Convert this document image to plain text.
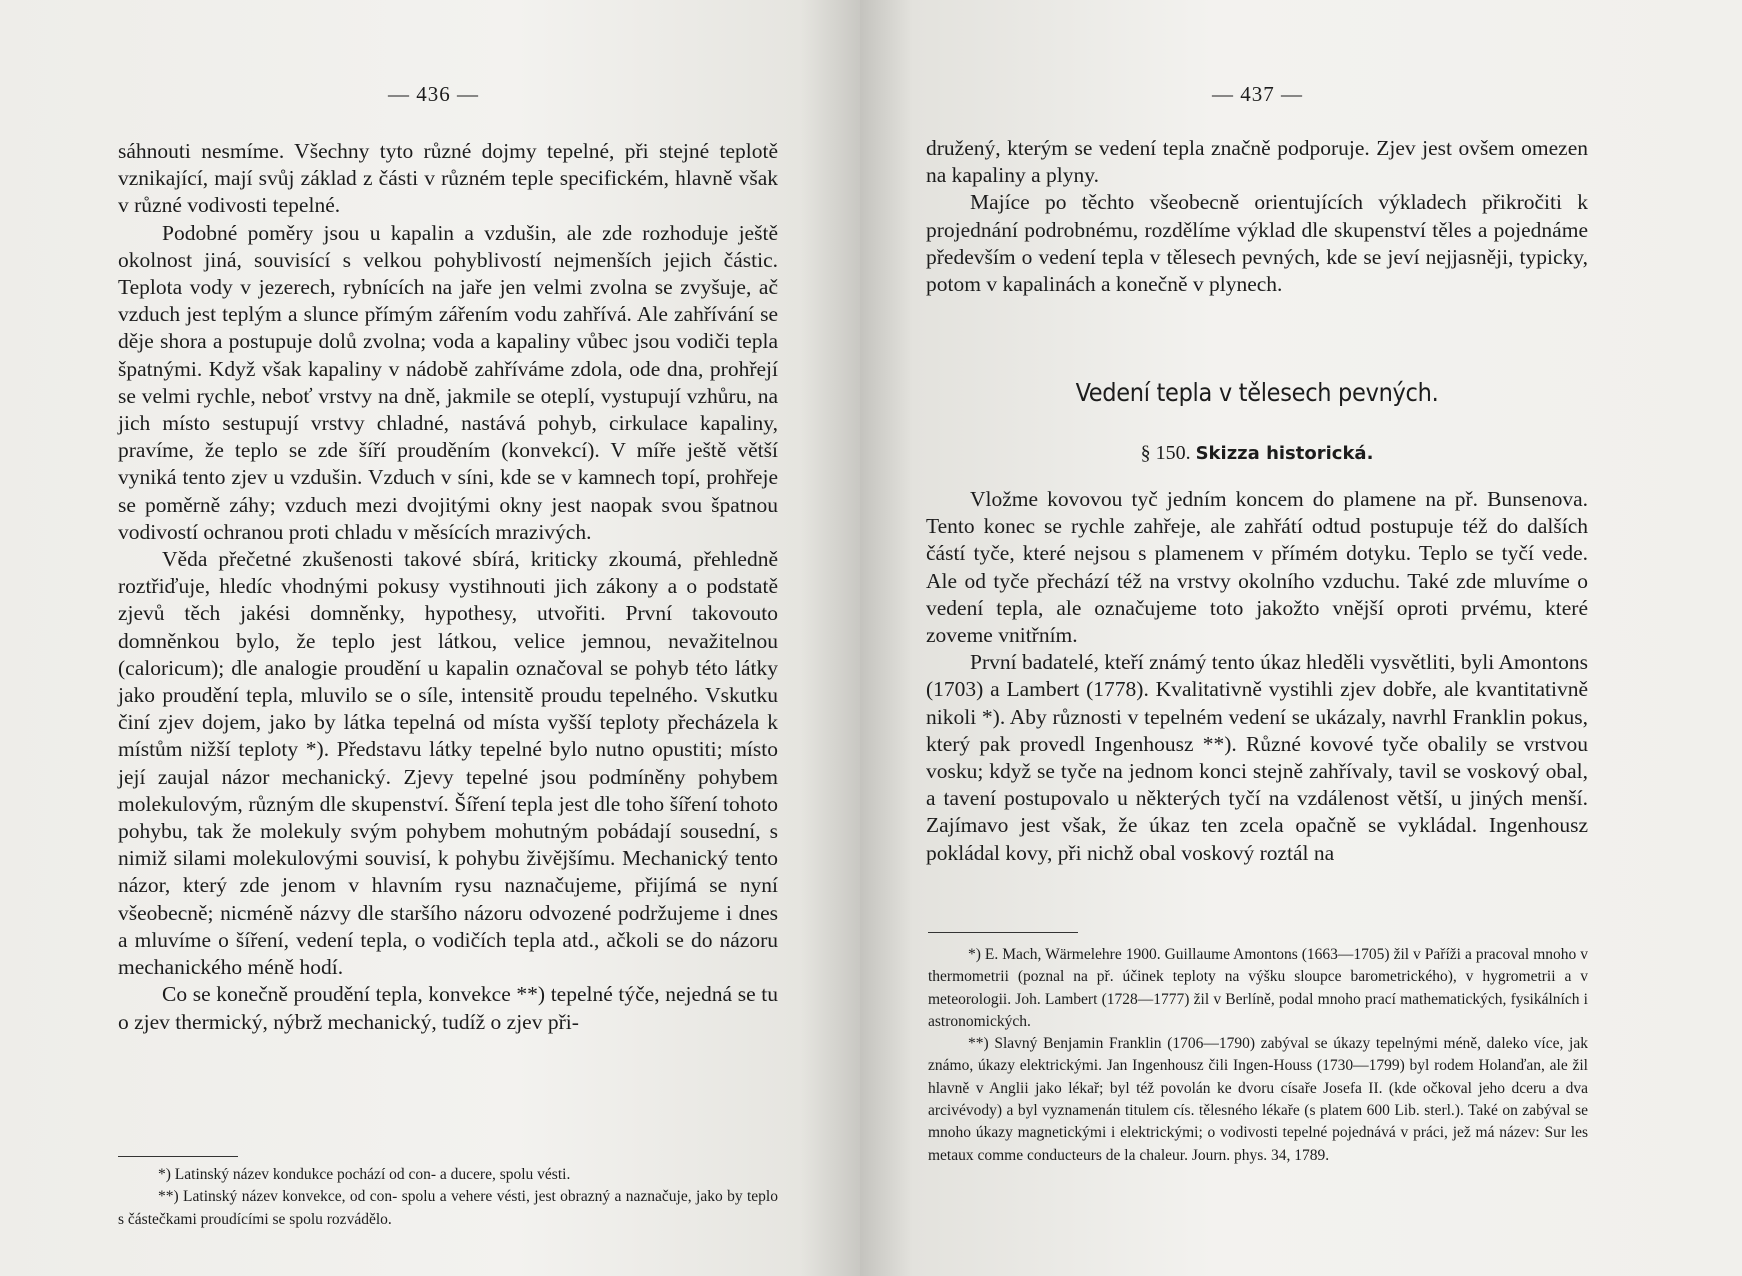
— 436 —

sáhnouti nesmíme. Všechny tyto různé dojmy tepelné, při stejné teplotě vznikající, mají svůj základ z části v různém teple specifickém, hlavně však v různé vodivosti tepelné.

Podobné poměry jsou u kapalin a vzdušin, ale zde rozhoduje ještě okolnost jiná, souvisící s velkou pohyblivostí nejmenších jejich částic. Teplota vody v jezerech, rybnících na jaře jen velmi zvolna se zvyšuje, ač vzduch jest teplým a slunce přímým zářením vodu zahřívá. Ale zahřívání se děje shora a postupuje dolů zvolna; voda a kapaliny vůbec jsou vodiči tepla špatnými. Když však kapaliny v nádobě zahříváme zdola, ode dna, prohřejí se velmi rychle, neboť vrstvy na dně, jakmile se oteplí, vystupují vzhůru, na jich místo sestupují vrstvy chladné, nastává pohyb, cirkulace kapaliny, pravíme, že teplo se zde šíří prouděním (konvekcí). V míře ještě větší vyniká tento zjev u vzdušin. Vzduch v síni, kde se v kamnech topí, prohřeje se poměrně záhy; vzduch mezi dvojitými okny jest naopak svou špatnou vodivostí ochranou proti chladu v měsících mrazivých.

Věda přečetné zkušenosti takové sbírá, kriticky zkoumá, přehledně roztřiďuje, hledíc vhodnými pokusy vystihnouti jich zákony a o podstatě zjevů těch jakési domněnky, hypothesy, utvořiti. První takovouto domněnkou bylo, že teplo jest látkou, velice jemnou, nevažitelnou (caloricum); dle analogie proudění u kapalin označoval se pohyb této látky jako proudění tepla, mluvilo se o síle, intensitě proudu tepelného. Vskutku činí zjev dojem, jako by látka tepelná od místa vyšší teploty přecházela k místům nižší teploty *). Představu látky tepelné bylo nutno opustiti; místo její zaujal názor mechanický. Zjevy tepelné jsou podmíněny pohybem molekulovým, různým dle skupenství. Šíření tepla jest dle toho šíření tohoto pohybu, tak že molekuly svým pohybem mohutným pobádají sousední, s nimiž silami molekulovými souvisí, k pohybu živějšímu. Mechanický tento názor, který zde jenom v hlavním rysu naznačujeme, přijímá se nyní všeobecně; nicméně názvy dle staršího názoru odvozené podržujeme i dnes a mluvíme o šíření, vedení tepla, o vodičích tepla atd., ačkoli se do názoru mechanického méně hodí.

Co se konečně proudění tepla, konvekce **) tepelné týče, nejedná se tu o zjev thermický, nýbrž mechanický, tudíž o zjev při-

*) Latinský název kondukce pochází od con- a ducere, spolu vésti.

**) Latinský název konvekce, od con- spolu a vehere vésti, jest obrazný a naznačuje, jako by teplo s částečkami proudícími se spolu rozvádělo.

— 437 —

družený, kterým se vedení tepla značně podporuje. Zjev jest ovšem omezen na kapaliny a plyny.

Majíce po těchto všeobecně orientujících výkladech přikročiti k projednání podrobnému, rozdělíme výklad dle skupenství těles a pojednáme především o vedení tepla v tělesech pevných, kde se jeví nejjasněji, typicky, potom v kapalinách a konečně v plynech.

Vedení tepla v tělesech pevných.
§ 150. Skizza historická.

Vložme kovovou tyč jedním koncem do plamene na př. Bunsenova. Tento konec se rychle zahřeje, ale zahřátí odtud postupuje též do dalších částí tyče, které nejsou s plamenem v přímém dotyku. Teplo se tyčí vede. Ale od tyče přechází též na vrstvy okolního vzduchu. Také zde mluvíme o vedení tepla, ale označujeme toto jakožto vnější oproti prvému, které zoveme vnitřním.

První badatelé, kteří známý tento úkaz hleděli vysvětliti, byli Amontons (1703) a Lambert (1778). Kvalitativně vystihli zjev dobře, ale kvantitativně nikoli *). Aby různosti v tepelném vedení se ukázaly, navrhl Franklin pokus, který pak provedl Ingenhousz **). Různé kovové tyče obalily se vrstvou vosku; když se tyče na jednom konci stejně zahřívaly, tavil se voskový obal, a tavení postupovalo u některých tyčí na vzdálenost větší, u jiných menší. Zajímavo jest však, že úkaz ten zcela opačně se vykládal. Ingenhousz pokládal kovy, při nichž obal voskový roztál na

*) E. Mach, Wärmelehre 1900. Guillaume Amontons (1663—1705) žil v Paříži a pracoval mnoho v thermometrii (poznal na př. účinek teploty na výšku sloupce barometrického), v hygrometrii a v meteorologii. Joh. Lambert (1728—1777) žil v Berlíně, podal mnoho prací mathematických, fysikálních i astronomických.

**) Slavný Benjamin Franklin (1706—1790) zabýval se úkazy tepelnými méně, daleko více, jak známo, úkazy elektrickými. Jan Ingenhousz čili Ingen-Houss (1730—1799) byl rodem Holanďan, ale žil hlavně v Anglii jako lékař; byl též povolán ke dvoru císaře Josefa II. (kde očkoval jeho dceru a dva arcivévody) a byl vyznamenán titulem cís. tělesného lékaře (s platem 600 Lib. sterl.). Také on zabýval se mnoho úkazy magnetickými i elektrickými; o vodivosti tepelné pojednává v práci, jež má název: Sur les metaux comme conducteurs de la chaleur. Journ. phys. 34, 1789.
